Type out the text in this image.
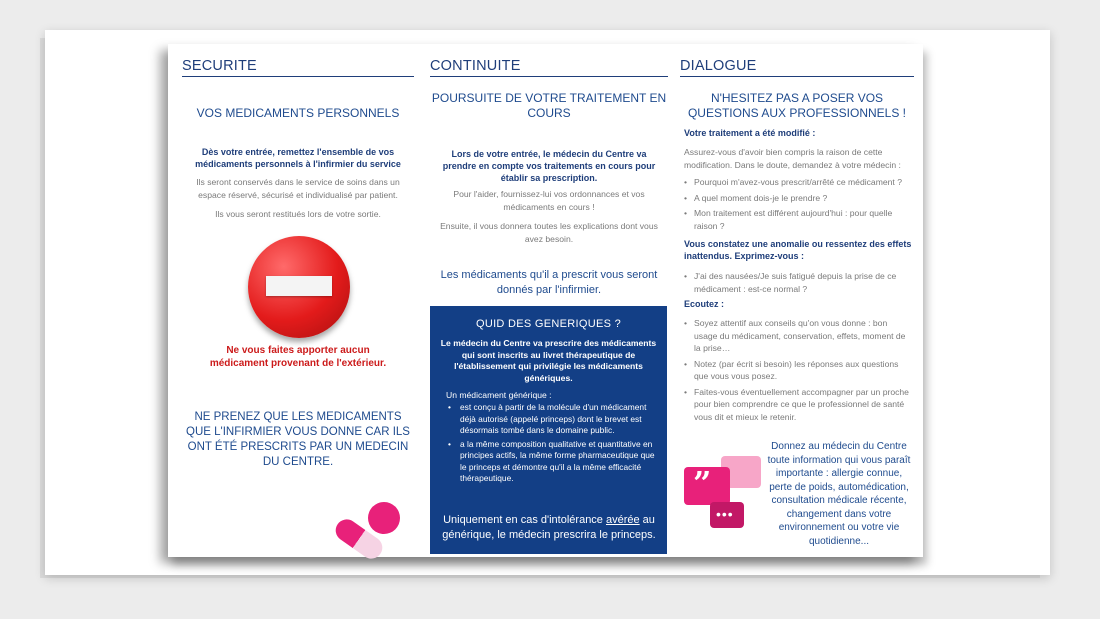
SECURITE

VOS MEDICAMENTS PERSONNELS

Dès votre entrée, remettez l'ensemble de vos médicaments personnels à l'infirmier du service

Ils seront conservés dans le service de soins dans un espace réservé, sécurisé et individualisé par patient.

Ils vous seront restitués lors de votre sortie.

Ne vous faites apporter aucun médicament provenant de l'extérieur.

NE PRENEZ QUE LES MEDICAMENTS QUE L'INFIRMIER VOUS DONNE CAR ILS ONT ÉTÉ PRESCRITS PAR UN MEDECIN DU CENTRE.

CONTINUITE

POURSUITE DE VOTRE TRAITEMENT EN COURS

Lors de votre entrée, le médecin du Centre va prendre en compte vos traitements en cours pour établir sa prescription.

Pour l'aider, fournissez-lui vos ordonnances et vos médicaments en cours !

Ensuite, il vous donnera toutes les explications dont vous avez besoin.

Les médicaments qu'il a prescrit vous seront donnés par l'infirmier.

QUID DES GENERIQUES ?

Le médecin du Centre va prescrire des médicaments qui sont inscrits au livret thérapeutique de l'établissement qui privilégie les médicaments génériques.

Un médicament générique :

• est conçu à partir de la molécule d'un médicament déjà autorisé (appelé princeps) dont le brevet est désormais tombé dans le domaine public.
• a la même composition qualitative et quantitative en principes actifs, la même forme pharmaceutique que le princeps et démontre qu'il a la même efficacité thérapeutique.

Uniquement en cas d'intolérance avérée au générique, le médecin prescrira le princeps.

DIALOGUE

N'HESITEZ PAS A POSER VOS QUESTIONS AUX PROFESSIONNELS !

Votre traitement a été modifié :

Assurez-vous d'avoir bien compris la raison de cette modification. Dans le doute, demandez à votre médecin :

• Pourquoi m'avez-vous prescrit/arrêté ce médicament ?
• A quel moment dois-je le prendre ?
• Mon traitement est différent aujourd'hui : pour quelle raison ?

Vous constatez une anomalie ou ressentez des effets inattendus. Exprimez-vous :

• J'ai des nausées/Je suis fatigué depuis la prise de ce médicament : est-ce normal ?

Ecoutez :

• Soyez attentif aux conseils qu'on vous donne : bon usage du médicament, conservation, effets, moment de la prise…
• Notez (par écrit si besoin) les réponses aux questions que vous vous posez.
• Faites-vous éventuellement accompagner par un proche pour bien comprendre ce que le professionnel de santé vous dit et mieux le retenir.

Donnez au médecin du Centre toute information qui vous paraît importante : allergie connue, perte de poids, automédication, consultation médicale récente, changement dans votre environnement ou votre vie quotidienne...

”
•••
